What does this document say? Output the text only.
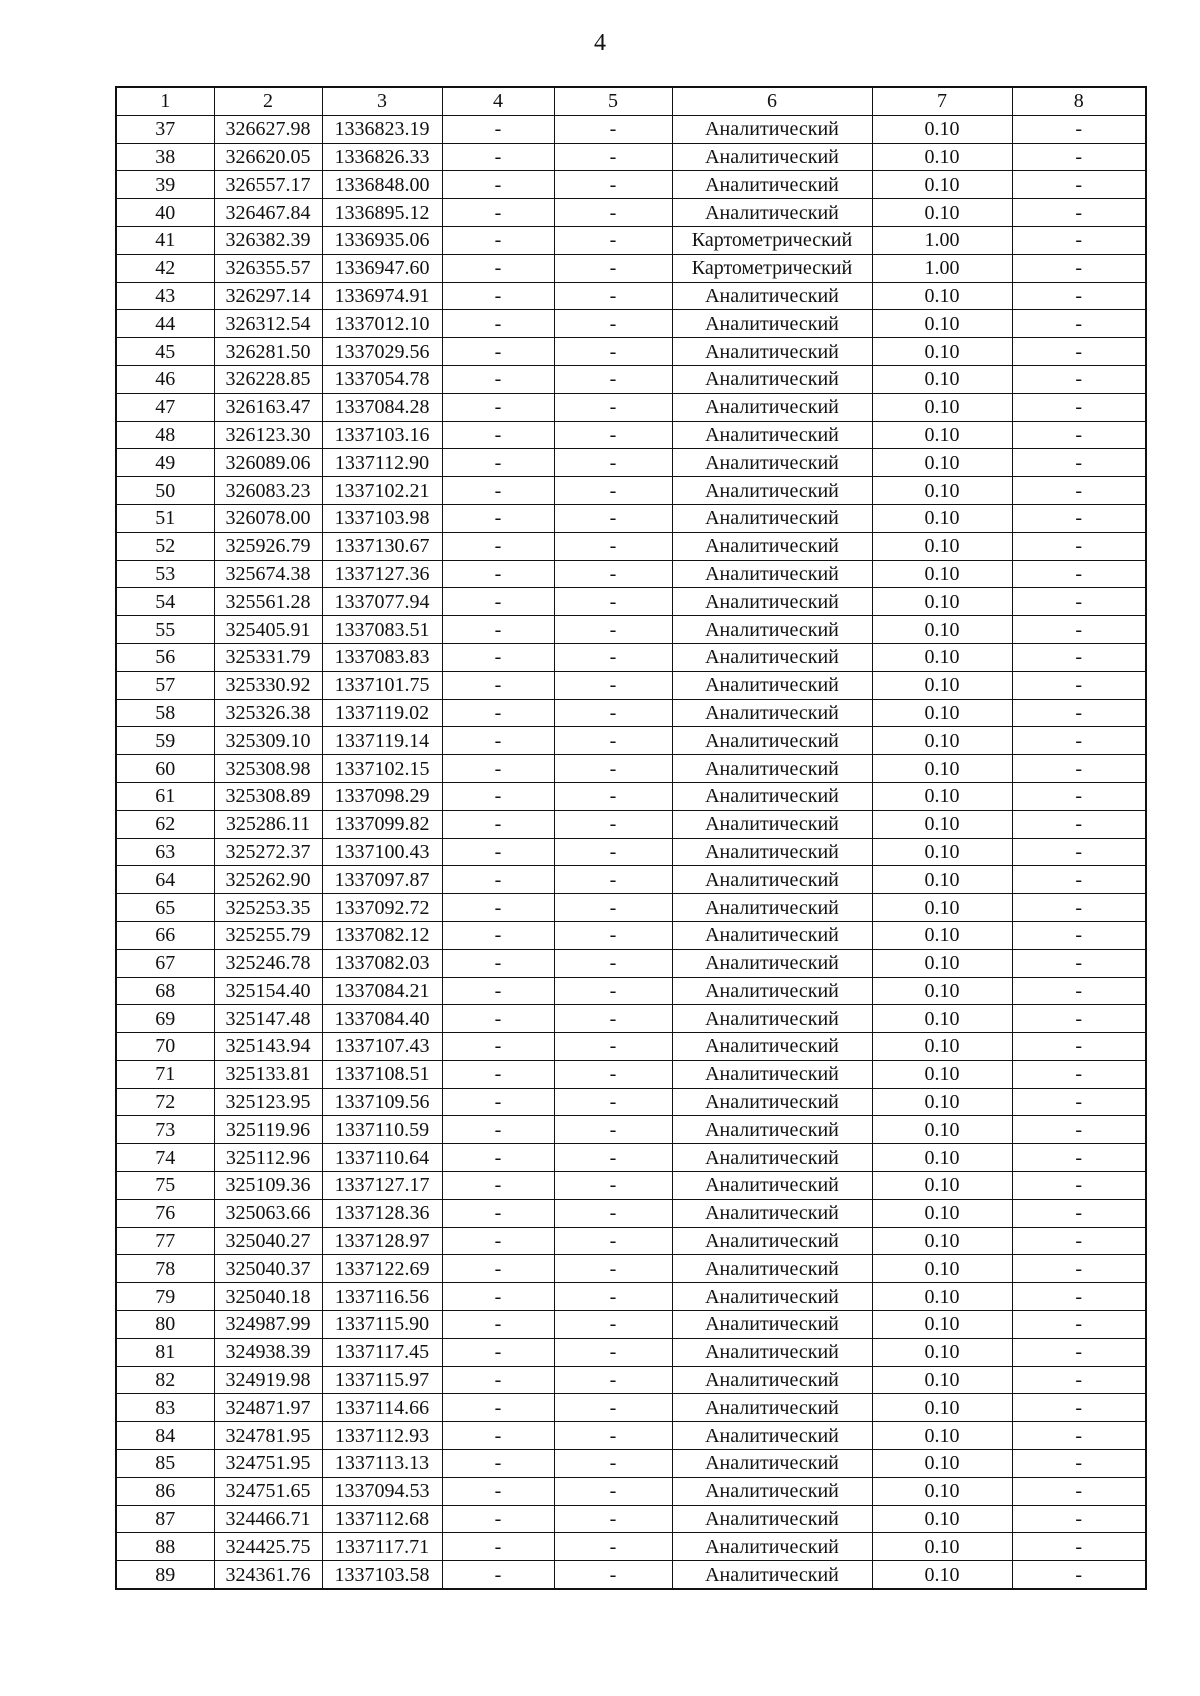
4
1	2	3	4	5	6	7	8
37	326627.98	1336823.19	-	-	Аналитический	0.10	-
38	326620.05	1336826.33	-	-	Аналитический	0.10	-
39	326557.17	1336848.00	-	-	Аналитический	0.10	-
40	326467.84	1336895.12	-	-	Аналитический	0.10	-
41	326382.39	1336935.06	-	-	Картометрический	1.00	-
42	326355.57	1336947.60	-	-	Картометрический	1.00	-
43	326297.14	1336974.91	-	-	Аналитический	0.10	-
44	326312.54	1337012.10	-	-	Аналитический	0.10	-
45	326281.50	1337029.56	-	-	Аналитический	0.10	-
46	326228.85	1337054.78	-	-	Аналитический	0.10	-
47	326163.47	1337084.28	-	-	Аналитический	0.10	-
48	326123.30	1337103.16	-	-	Аналитический	0.10	-
49	326089.06	1337112.90	-	-	Аналитический	0.10	-
50	326083.23	1337102.21	-	-	Аналитический	0.10	-
51	326078.00	1337103.98	-	-	Аналитический	0.10	-
52	325926.79	1337130.67	-	-	Аналитический	0.10	-
53	325674.38	1337127.36	-	-	Аналитический	0.10	-
54	325561.28	1337077.94	-	-	Аналитический	0.10	-
55	325405.91	1337083.51	-	-	Аналитический	0.10	-
56	325331.79	1337083.83	-	-	Аналитический	0.10	-
57	325330.92	1337101.75	-	-	Аналитический	0.10	-
58	325326.38	1337119.02	-	-	Аналитический	0.10	-
59	325309.10	1337119.14	-	-	Аналитический	0.10	-
60	325308.98	1337102.15	-	-	Аналитический	0.10	-
61	325308.89	1337098.29	-	-	Аналитический	0.10	-
62	325286.11	1337099.82	-	-	Аналитический	0.10	-
63	325272.37	1337100.43	-	-	Аналитический	0.10	-
64	325262.90	1337097.87	-	-	Аналитический	0.10	-
65	325253.35	1337092.72	-	-	Аналитический	0.10	-
66	325255.79	1337082.12	-	-	Аналитический	0.10	-
67	325246.78	1337082.03	-	-	Аналитический	0.10	-
68	325154.40	1337084.21	-	-	Аналитический	0.10	-
69	325147.48	1337084.40	-	-	Аналитический	0.10	-
70	325143.94	1337107.43	-	-	Аналитический	0.10	-
71	325133.81	1337108.51	-	-	Аналитический	0.10	-
72	325123.95	1337109.56	-	-	Аналитический	0.10	-
73	325119.96	1337110.59	-	-	Аналитический	0.10	-
74	325112.96	1337110.64	-	-	Аналитический	0.10	-
75	325109.36	1337127.17	-	-	Аналитический	0.10	-
76	325063.66	1337128.36	-	-	Аналитический	0.10	-
77	325040.27	1337128.97	-	-	Аналитический	0.10	-
78	325040.37	1337122.69	-	-	Аналитический	0.10	-
79	325040.18	1337116.56	-	-	Аналитический	0.10	-
80	324987.99	1337115.90	-	-	Аналитический	0.10	-
81	324938.39	1337117.45	-	-	Аналитический	0.10	-
82	324919.98	1337115.97	-	-	Аналитический	0.10	-
83	324871.97	1337114.66	-	-	Аналитический	0.10	-
84	324781.95	1337112.93	-	-	Аналитический	0.10	-
85	324751.95	1337113.13	-	-	Аналитический	0.10	-
86	324751.65	1337094.53	-	-	Аналитический	0.10	-
87	324466.71	1337112.68	-	-	Аналитический	0.10	-
88	324425.75	1337117.71	-	-	Аналитический	0.10	-
89	324361.76	1337103.58	-	-	Аналитический	0.10	-
